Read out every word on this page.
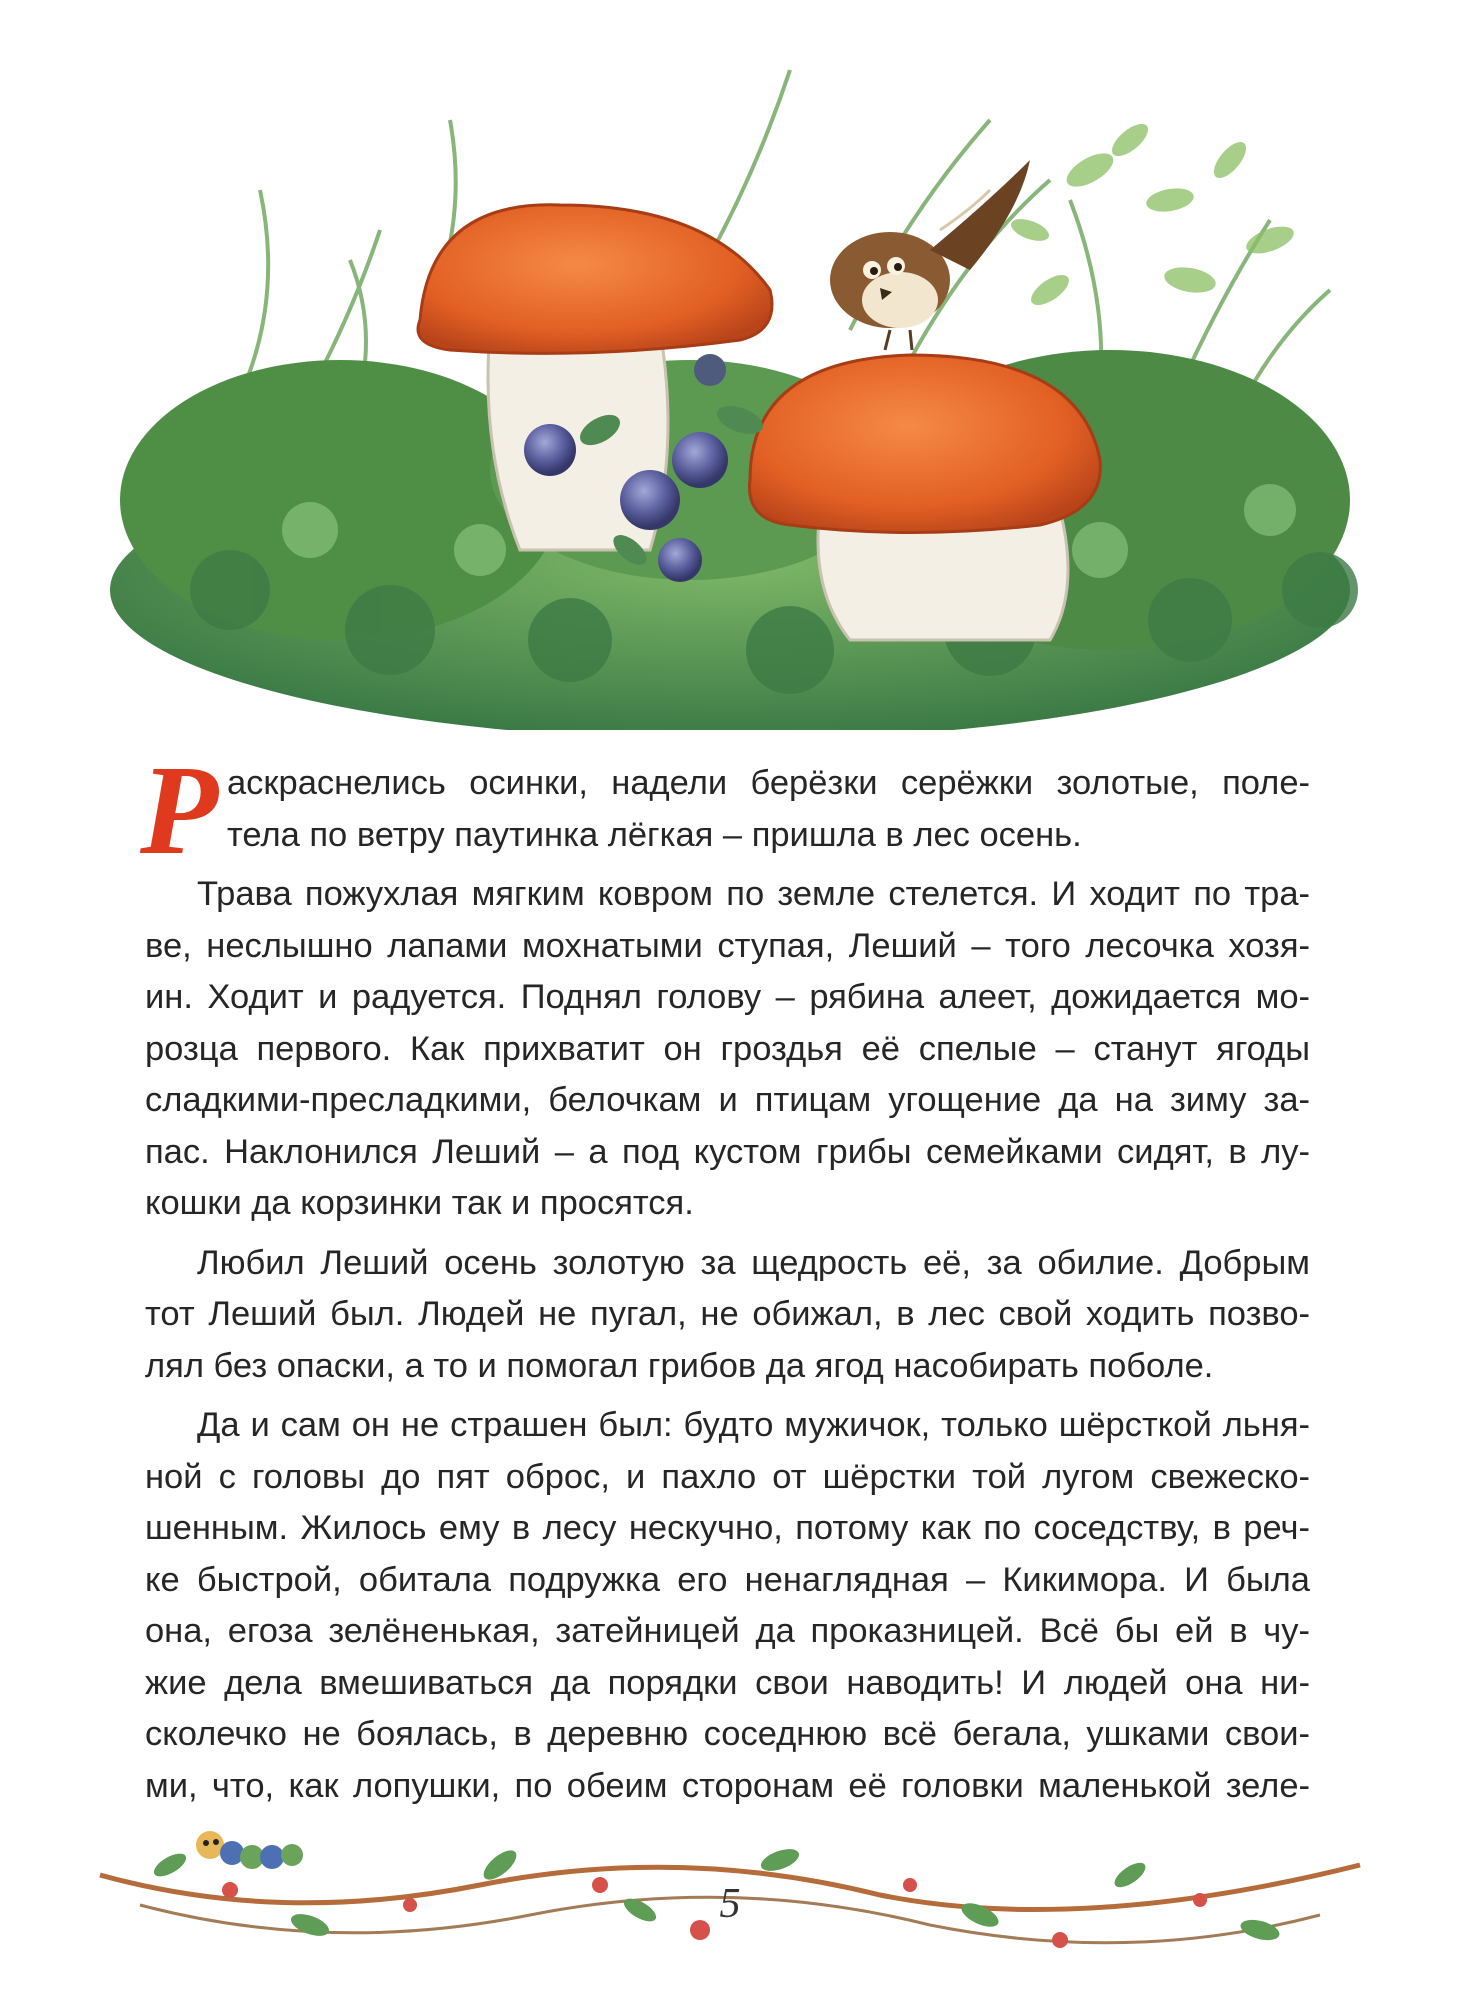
Р аскраснелись осинки, надели берёзки серёжки золотые, поле-
тела по ветру паутинка лёгкая – пришла в лес осень.

Трава пожухлая мягким ковром по земле стелется. И ходит по тра-
ве, неслышно лапами мохнатыми ступая, Леший – того лесочка хозя-
ин. Ходит и радуется. Поднял голову – рябина алеет, дожидается мо-
розца первого. Как прихватит он гроздья её спелые – станут ягоды
сладкими-пресладкими, белочкам и птицам угощение да на зиму за-
пас. Наклонился Леший – а под кустом грибы семейками сидят, в лу-
кошки да корзинки так и просятся.

Любил Леший осень золотую за щедрость её, за обилие. Добрым
тот Леший был. Людей не пугал, не обижал, в лес свой ходить позво-
лял без опаски, а то и помогал грибов да ягод насобирать поболе.

Да и сам он не страшен был: будто мужичок, только шёрсткой льня-
ной с головы до пят оброс, и пахло от шёрстки той лугом свежеско-
шенным. Жилось ему в лесу нескучно, потому как по соседству, в реч-
ке быстрой, обитала подружка его ненаглядная – Кикимора. И была
она, егоза зелёненькая, затейницей да проказницей. Всё бы ей в чу-
жие дела вмешиваться да порядки свои наводить! И людей она ни-
сколечко не боялась, в деревню соседнюю всё бегала, ушками свои-
ми, что, как лопушки, по обеим сторонам её головки маленькой зеле-

5
